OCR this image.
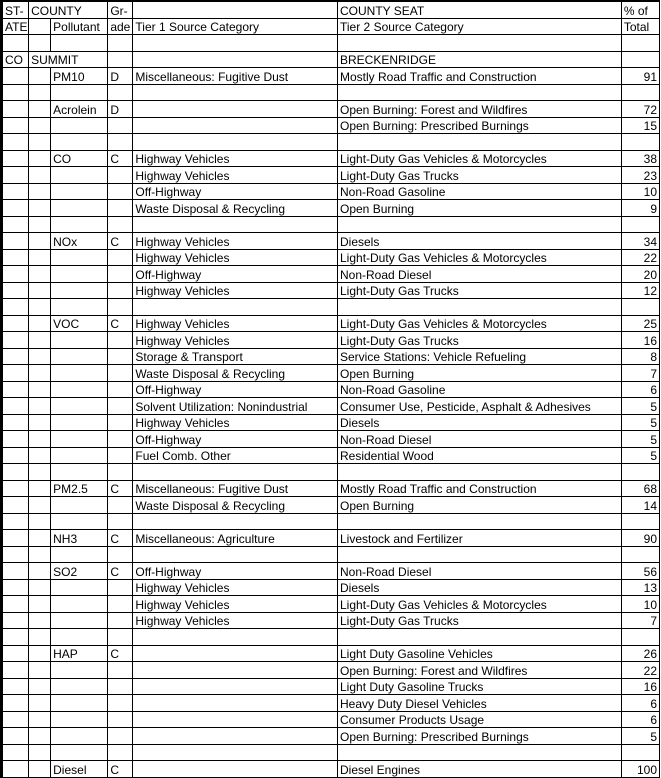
ST-	COUNTY		Gr-		COUNTY SEAT	% of
ATE		Pollutant	ade	Tier 1 Source Category	Tier 2 Source Category	Total

CO	SUMMIT				BRECKENRIDGE	
		PM10	D	Miscellaneous: Fugitive Dust	Mostly Road Traffic and Construction	91

		Acrolein	D		Open Burning: Forest and Wildfires	72
					Open Burning: Prescribed Burnings	15

		CO	C	Highway Vehicles	Light-Duty Gas Vehicles & Motorcycles	38
				Highway Vehicles	Light-Duty Gas Trucks	23
				Off-Highway	Non-Road Gasoline	10
				Waste Disposal & Recycling	Open Burning	9

		NOx	C	Highway Vehicles	Diesels	34
				Highway Vehicles	Light-Duty Gas Vehicles & Motorcycles	22
				Off-Highway	Non-Road Diesel	20
				Highway Vehicles	Light-Duty Gas Trucks	12

		VOC	C	Highway Vehicles	Light-Duty Gas Vehicles & Motorcycles	25
				Highway Vehicles	Light-Duty Gas Trucks	16
				Storage & Transport	Service Stations: Vehicle Refueling	8
				Waste Disposal & Recycling	Open Burning	7
				Off-Highway	Non-Road Gasoline	6
				Solvent Utilization: Nonindustrial	Consumer Use, Pesticide, Asphalt & Adhesives	5
				Highway Vehicles	Diesels	5
				Off-Highway	Non-Road Diesel	5
				Fuel Comb. Other	Residential Wood	5

		PM2.5	C	Miscellaneous: Fugitive Dust	Mostly Road Traffic and Construction	68
				Waste Disposal & Recycling	Open Burning	14

		NH3	C	Miscellaneous: Agriculture	Livestock and Fertilizer	90

		SO2	C	Off-Highway	Non-Road Diesel	56
				Highway Vehicles	Diesels	13
				Highway Vehicles	Light-Duty Gas Vehicles & Motorcycles	10
				Highway Vehicles	Light-Duty Gas Trucks	7

		HAP	C		Light Duty Gasoline Vehicles	26
					Open Burning: Forest and Wildfires	22
					Light Duty Gasoline Trucks	16
					Heavy Duty Diesel Vehicles	6
					Consumer Products Usage	6
					Open Burning: Prescribed Burnings	5

		Diesel	C		Diesel Engines	100
